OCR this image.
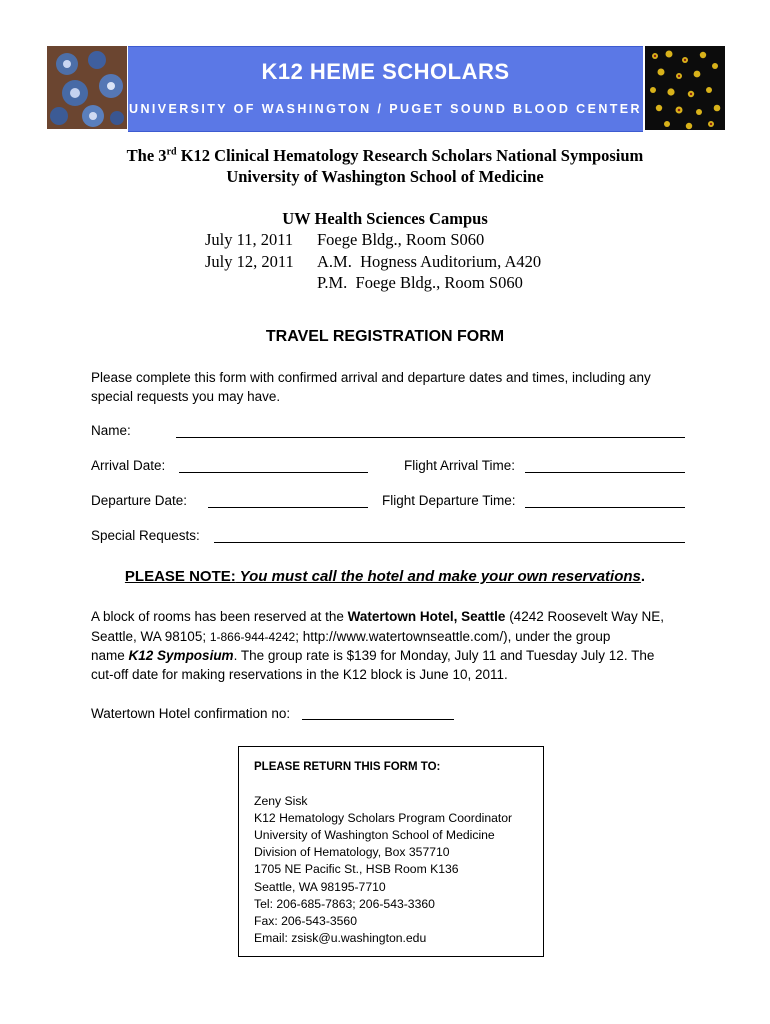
K12 HEME SCHOLARS
UNIVERSITY OF WASHINGTON / PUGET SOUND BLOOD CENTER
The 3rd K12 Clinical Hematology Research Scholars National Symposium
University of Washington School of Medicine
UW Health Sciences Campus
July 11, 2011 Foege Bldg., Room S060
July 12, 2011 A.M.  Hogness Auditorium, A420
P.M.  Foege Bldg., Room S060
TRAVEL REGISTRATION FORM
Please complete this form with confirmed arrival and departure dates and times, including any
special requests you may have.
Name:
Arrival Date:	Flight Arrival Time:
Departure Date:	Flight Departure Time:
Special Requests:
PLEASE NOTE: You must call the hotel and make your own reservations.
A block of rooms has been reserved at the Watertown Hotel, Seattle (4242 Roosevelt Way NE,
Seattle, WA 98105; 1-866-944-4242; http://www.watertownseattle.com/), under the group
name K12 Symposium. The group rate is $139 for Monday, July 11 and Tuesday July 12. The
cut-off date for making reservations in the K12 block is June 10, 2011.
Watertown Hotel confirmation no:
PLEASE RETURN THIS FORM TO:
Zeny Sisk
K12 Hematology Scholars Program Coordinator
University of Washington School of Medicine
Division of Hematology, Box 357710
1705 NE Pacific St., HSB Room K136
Seattle, WA 98195-7710
Tel: 206-685-7863; 206-543-3360
Fax: 206-543-3560
Email: zsisk@u.washington.edu
